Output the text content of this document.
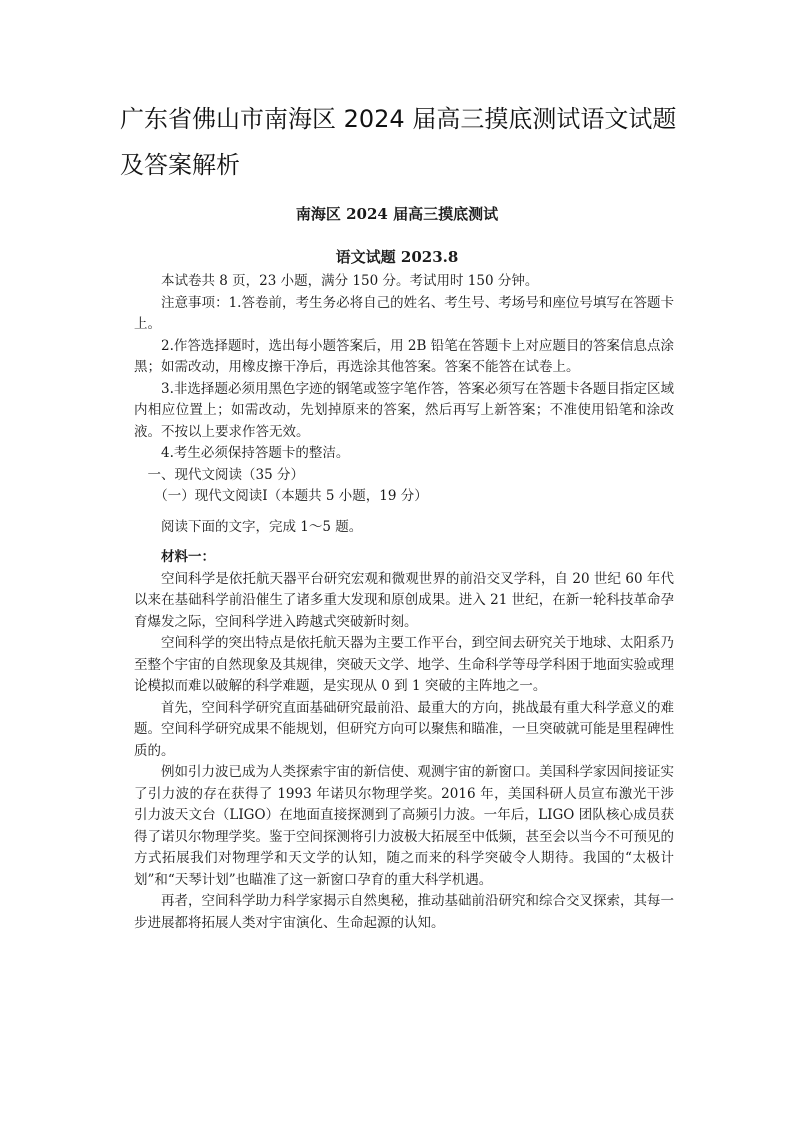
广东省佛山市南海区 2024 届高三摸底测试语文试题及答案解析

南海区 2024 届高三摸底测试

语文试题 2023.8

本试卷共 8 页，23 小题，满分 150 分。考试用时 150 分钟。

注意事项：1.答卷前，考生务必将自己的姓名、考生号、考场号和座位号填写在答题卡上。

2.作答选择题时，选出每小题答案后，用 2B 铅笔在答题卡上对应题目的答案信息点涂黑；如需改动，用橡皮擦干净后，再选涂其他答案。答案不能答在试卷上。

3.非选择题必须用黑色字迹的钢笔或签字笔作答，答案必须写在答题卡各题目指定区域内相应位置上；如需改动，先划掉原来的答案，然后再写上新答案；不准使用铅笔和涂改液。不按以上要求作答无效。

4.考生必须保持答题卡的整洁。

一、现代文阅读（35 分）

（一）现代文阅读Ⅰ（本题共 5 小题，19 分）

阅读下面的文字，完成 1～5 题。

材料一：

空间科学是依托航天器平台研究宏观和微观世界的前沿交叉学科，自 20 世纪 60 年代以来在基础科学前沿催生了诸多重大发现和原创成果。进入 21 世纪，在新一轮科技革命孕育爆发之际，空间科学进入跨越式突破新时刻。

空间科学的突出特点是依托航天器为主要工作平台，到空间去研究关于地球、太阳系乃至整个宇宙的自然现象及其规律，突破天文学、地学、生命科学等母学科困于地面实验或理论模拟而难以破解的科学难题，是实现从 0 到 1 突破的主阵地之一。

首先，空间科学研究直面基础研究最前沿、最重大的方向，挑战最有重大科学意义的难题。空间科学研究成果不能规划，但研究方向可以聚焦和瞄准，一旦突破就可能是里程碑性质的。

例如引力波已成为人类探索宇宙的新信使、观测宇宙的新窗口。美国科学家因间接证实了引力波的存在获得了 1993 年诺贝尔物理学奖。2016 年，美国科研人员宣布激光干涉引力波天文台（LIGO）在地面直接探测到了高频引力波。一年后，LIGO 团队核心成员获得了诺贝尔物理学奖。鉴于空间探测将引力波极大拓展至中低频，甚至会以当今不可预见的方式拓展我们对物理学和天文学的认知，随之而来的科学突破令人期待。我国的“太极计划”和“天琴计划”也瞄准了这一新窗口孕育的重大科学机遇。

再者，空间科学助力科学家揭示自然奥秘，推动基础前沿研究和综合交叉探索，其每一步进展都将拓展人类对宇宙演化、生命起源的认知。
